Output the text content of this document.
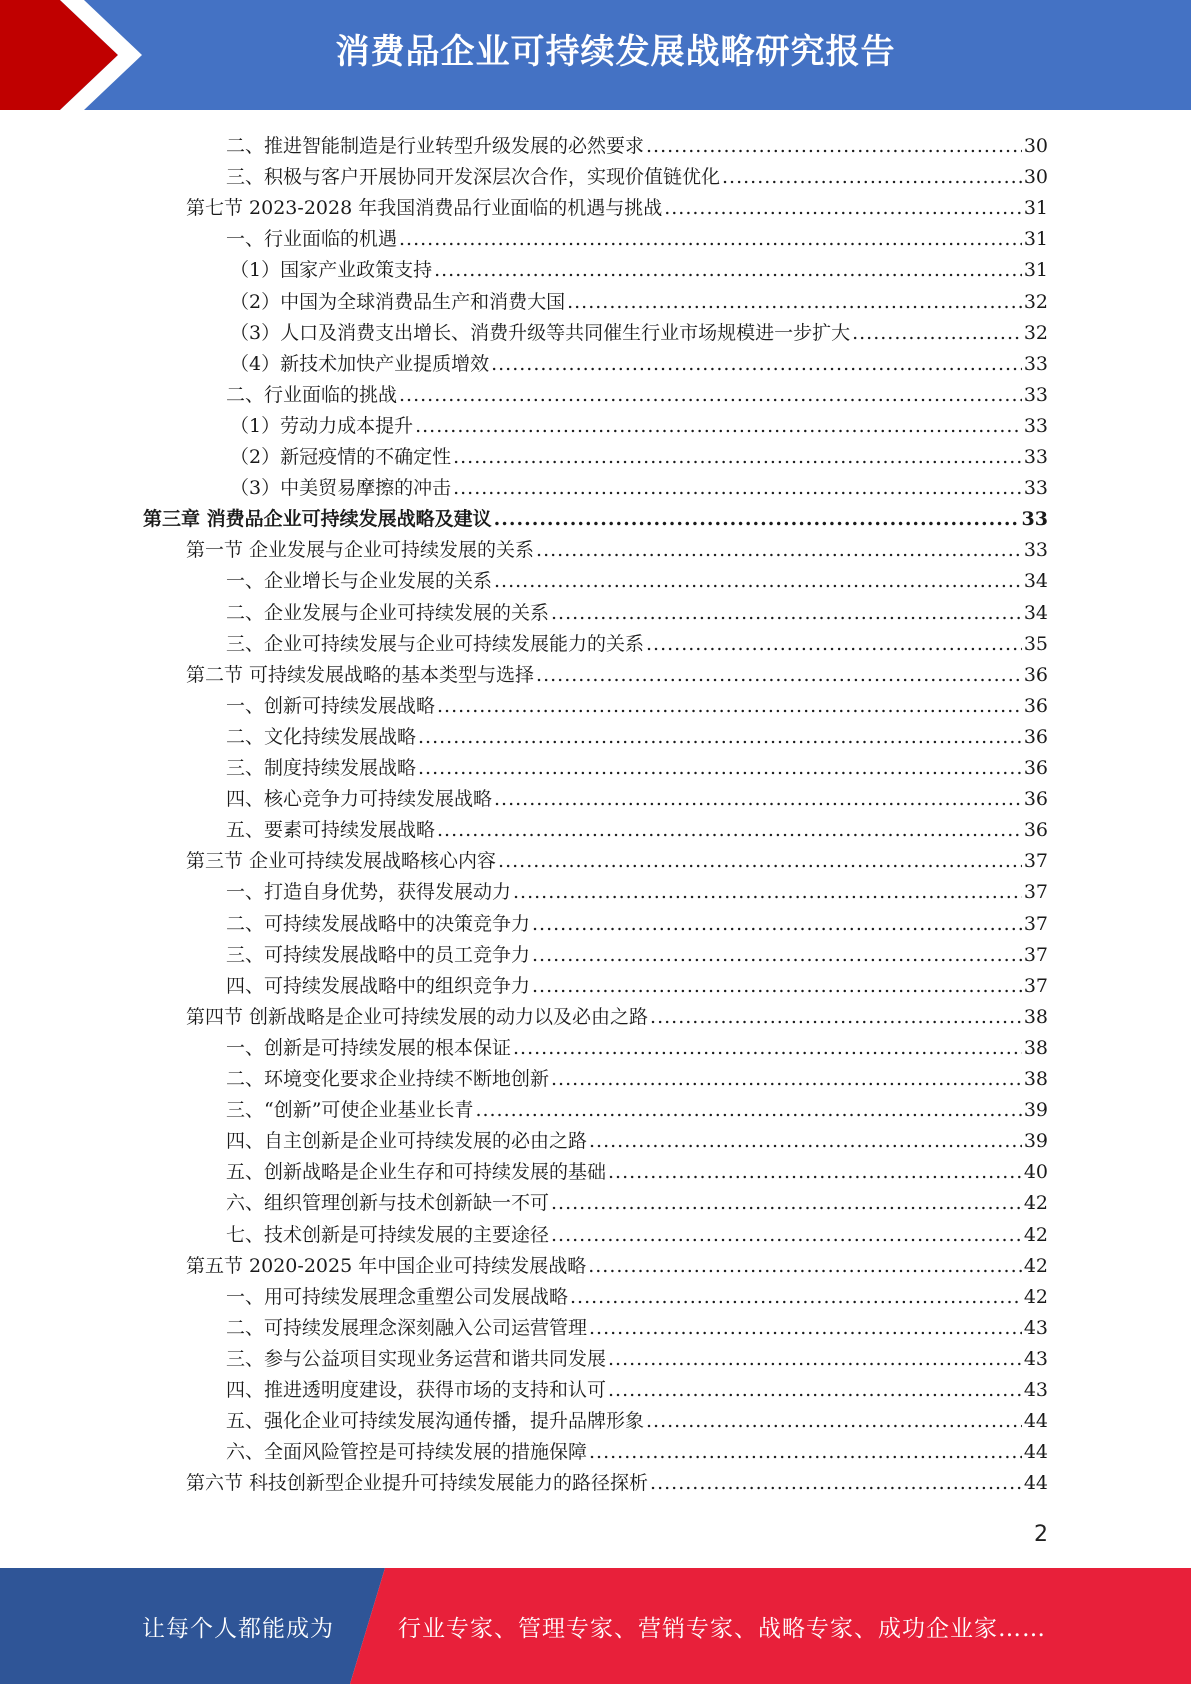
消费品企业可持续发展战略研究报告
二、推进智能制造是行业转型升级发展的必然要求 .....	30
三、积极与客户开展协同开发深层次合作，实现价值链优化 .....	30
第七节 2023-2028 年我国消费品行业面临的机遇与挑战 .....	31
一、行业面临的机遇 .....	31
（1）国家产业政策支持 .....	31
（2）中国为全球消费品生产和消费大国 .....	32
（3）人口及消费支出增长、消费升级等共同催生行业市场规模进一步扩大 .....	32
（4）新技术加快产业提质增效 .....	33
二、行业面临的挑战 .....	33
（1）劳动力成本提升 .....	33
（2）新冠疫情的不确定性 .....	33
（3）中美贸易摩擦的冲击 .....	33
第三章 消费品企业可持续发展战略及建议 .....	33
第一节 企业发展与企业可持续发展的关系 .....	33
一、企业增长与企业发展的关系 .....	34
二、企业发展与企业可持续发展的关系 .....	34
三、企业可持续发展与企业可持续发展能力的关系 .....	35
第二节 可持续发展战略的基本类型与选择 .....	36
一、创新可持续发展战略 .....	36
二、文化持续发展战略 .....	36
三、制度持续发展战略 .....	36
四、核心竞争力可持续发展战略 .....	36
五、要素可持续发展战略 .....	36
第三节 企业可持续发展战略核心内容 .....	37
一、打造自身优势，获得发展动力 .....	37
二、可持续发展战略中的决策竞争力 .....	37
三、可持续发展战略中的员工竞争力 .....	37
四、可持续发展战略中的组织竞争力 .....	37
第四节 创新战略是企业可持续发展的动力以及必由之路 .....	38
一、创新是可持续发展的根本保证 .....	38
二、环境变化要求企业持续不断地创新 .....	38
三、“创新”可使企业基业长青 .....	39
四、自主创新是企业可持续发展的必由之路 .....	39
五、创新战略是企业生存和可持续发展的基础 .....	40
六、组织管理创新与技术创新缺一不可 .....	42
七、技术创新是可持续发展的主要途径 .....	42
第五节 2020-2025 年中国企业可持续发展战略 .....	42
一、用可持续发展理念重塑公司发展战略 .....	42
二、可持续发展理念深刻融入公司运营管理 .....	43
三、参与公益项目实现业务运营和谐共同发展 .....	43
四、推进透明度建设，获得市场的支持和认可 .....	43
五、强化企业可持续发展沟通传播，提升品牌形象 .....	44
六、全面风险管控是可持续发展的措施保障 .....	44
第六节 科技创新型企业提升可持续发展能力的路径探析 .....	44
2
让每个人都能成为	行业专家、管理专家、营销专家、战略专家、成功企业家……
